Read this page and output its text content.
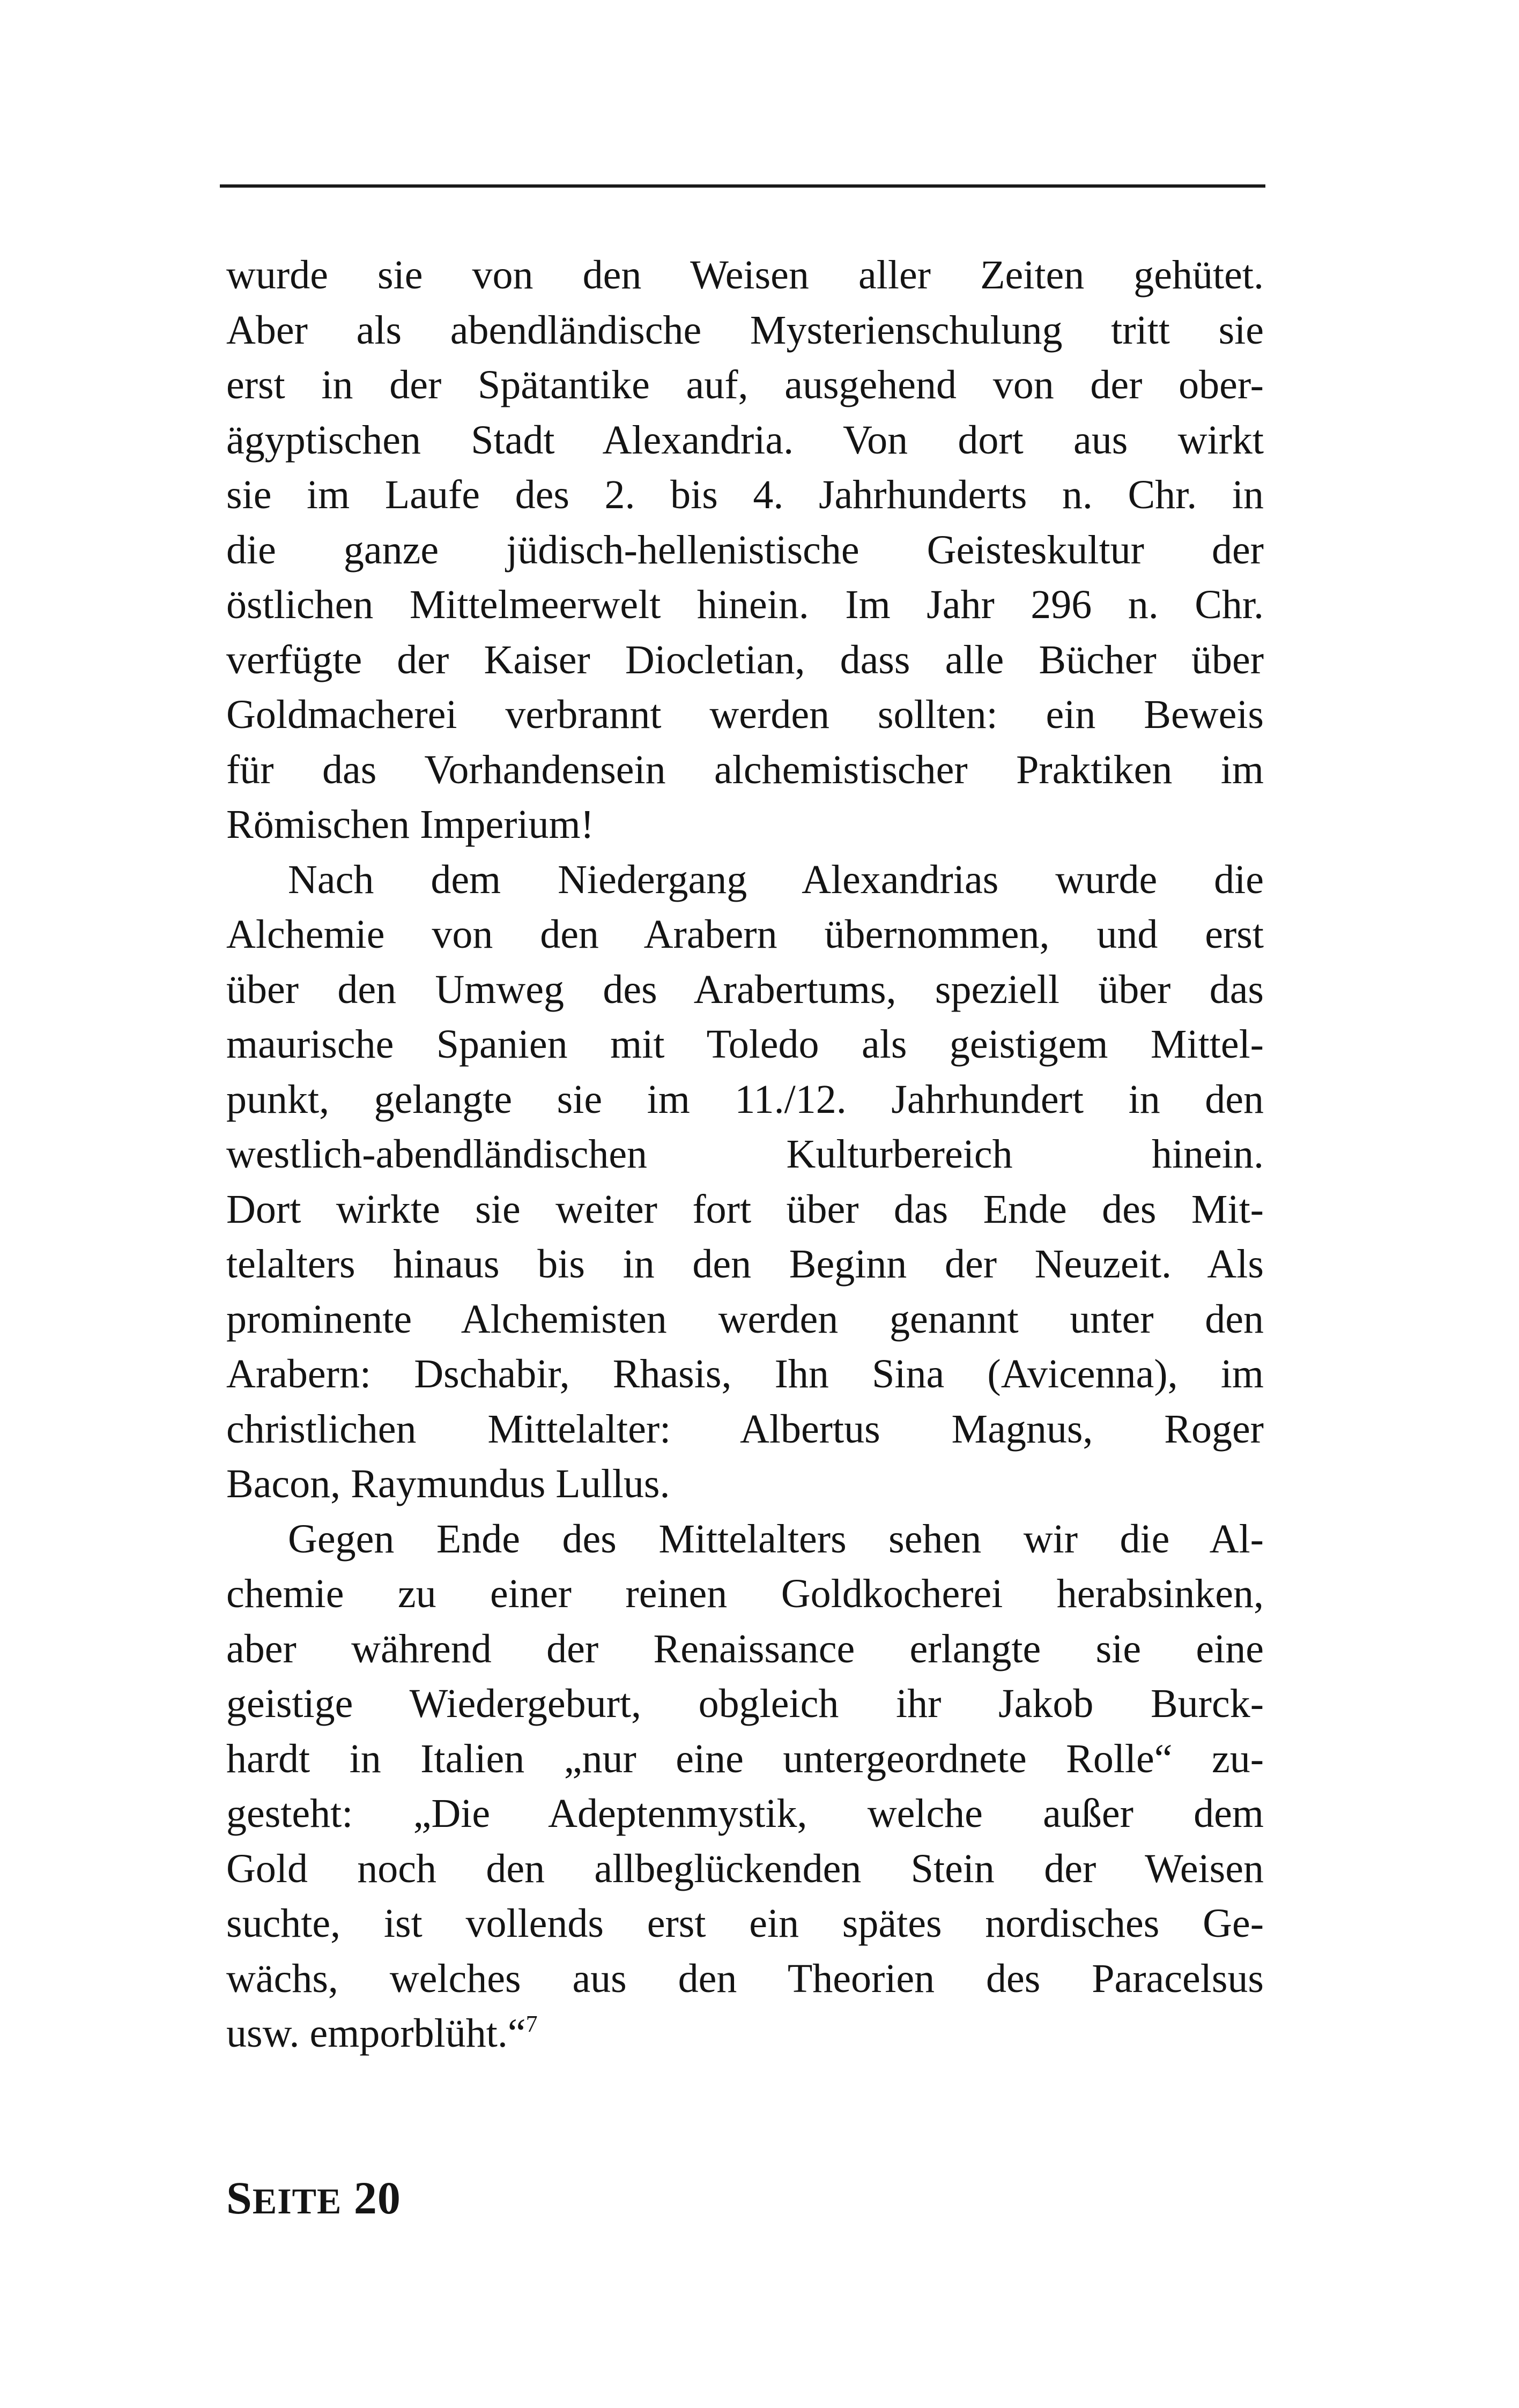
wurde sie von den Weisen aller Zeiten gehütet.
Aber als abendländische Mysterienschulung tritt sie
erst in der Spätantike auf, ausgehend von der ober-
ägyptischen Stadt Alexandria. Von dort aus wirkt
sie im Laufe des 2. bis 4. Jahrhunderts n. Chr. in
die ganze jüdisch-hellenistische Geisteskultur der
östlichen Mittelmeerwelt hinein. Im Jahr 296 n. Chr.
verfügte der Kaiser Diocletian, dass alle Bücher über
Goldmacherei verbrannt werden sollten: ein Beweis
für das Vorhandensein alchemistischer Praktiken im
Römischen Imperium!
Nach dem Niedergang Alexandrias wurde die
Alchemie von den Arabern übernommen, und erst
über den Umweg des Arabertums, speziell über das
maurische Spanien mit Toledo als geistigem Mittel-
punkt, gelangte sie im 11./12. Jahrhundert in den
westlich-abendländischen Kulturbereich hinein.
Dort wirkte sie weiter fort über das Ende des Mit-
telalters hinaus bis in den Beginn der Neuzeit. Als
prominente Alchemisten werden genannt unter den
Arabern: Dschabir, Rhasis, Ihn Sina (Avicenna), im
christlichen Mittelalter: Albertus Magnus, Roger
Bacon, Raymundus Lullus.
Gegen Ende des Mittelalters sehen wir die Al-
chemie zu einer reinen Goldkocherei herabsinken,
aber während der Renaissance erlangte sie eine
geistige Wiedergeburt, obgleich ihr Jakob Burck-
hardt in Italien „nur eine untergeordnete Rolle“ zu-
gesteht: „Die Adeptenmystik, welche außer dem
Gold noch den allbeglückenden Stein der Weisen
suchte, ist vollends erst ein spätes nordisches Ge-
wächs, welches aus den Theorien des Paracelsus
usw. emporblüht.“$^7$
SEITE 20
